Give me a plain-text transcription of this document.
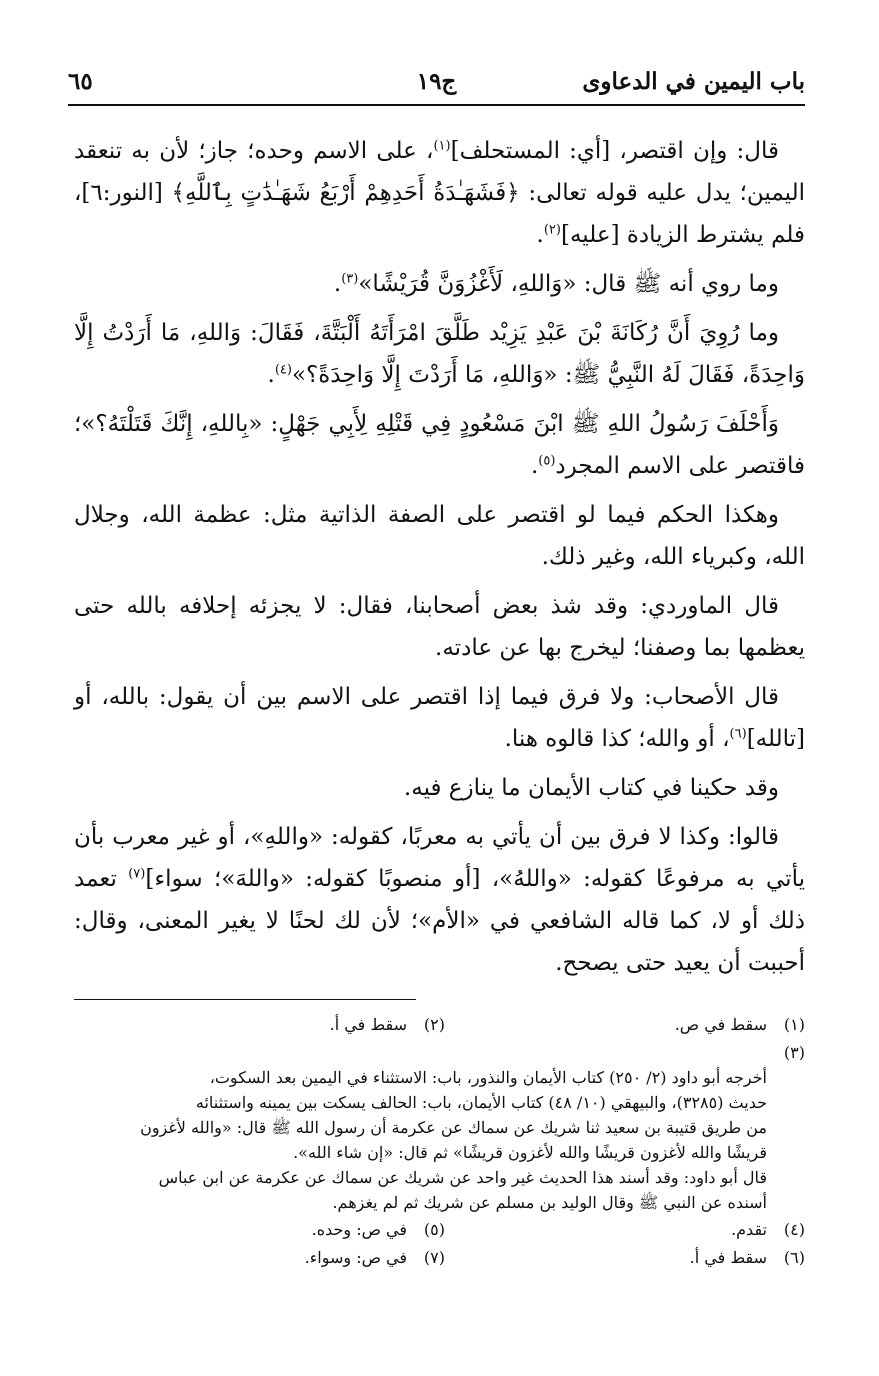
باب اليمين في الدعاوى
ج١٩
٦٥

قال: وإن اقتصر، [أي: المستحلف]$^{(١)}$، على الاسم وحده؛ جاز؛ لأن به تنعقد اليمين؛ يدل عليه قوله تعالى: ﴿فَشَهَـٰدَةُ أَحَدِهِمْ أَرْبَعُ شَهَـٰدَٰتٍ بِٱللَّهِ﴾ [النور:٦]، فلم يشترط الزيادة [عليه]$^{(٢)}$.

وما روي أنه ﷺ قال: «وَاللهِ، لَأَغْزُوَنَّ قُرَيْشًا»$^{(٣)}$.

وما رُوِيَ أَنَّ رُكَانَةَ بْنَ عَبْدِ يَزِيْد طَلَّقَ امْرَأَتَهُ أَلْبَتَّةَ، فَقَالَ: وَاللهِ، مَا أَرَدْتُ إِلَّا وَاحِدَةً، فَقَالَ لَهُ النَّبِيُّ ﷺ: «وَاللهِ، مَا أَرَدْتَ إِلَّا وَاحِدَةً؟»$^{(٤)}$.

وَأَحْلَفَ رَسُولُ اللهِ ﷺ ابْنَ مَسْعُودٍ فِي قَتْلِهِ لِأَبِي جَهْلٍ: «بِاللهِ، إِنَّكَ قَتَلْتَهُ؟»؛ فاقتصر على الاسم المجرد$^{(٥)}$.

وهكذا الحكم فيما لو اقتصر على الصفة الذاتية مثل: عظمة الله، وجلال الله، وكبرياء الله، وغير ذلك.

قال الماوردي: وقد شذ بعض أصحابنا، فقال: لا يجزئه إحلافه بالله حتى يعظمها بما وصفنا؛ ليخرج بها عن عادته.

قال الأصحاب: ولا فرق فيما إذا اقتصر على الاسم بين أن يقول: بالله، أو [تالله]$^{(٦)}$، أو والله؛ كذا قالوه هنا.

وقد حكينا في كتاب الأيمان ما ينازع فيه.

قالوا: وكذا لا فرق بين أن يأتي به معربًا، كقوله: «واللهِ»، أو غير معرب بأن يأتي به مرفوعًا كقوله: «واللهُ»، [أو منصوبًا كقوله: «واللهَ»؛ سواء]$^{(٧)}$ تعمد ذلك أو لا، كما قاله الشافعي في «الأم»؛ لأن لك لحنًا لا يغير المعنى، وقال: أحببت أن يعيد حتى يصحح.

(١)سقط في ص.(٢)سقط في أ.
(٣)
أخرجه أبو داود (٢/ ٢٥٠) كتاب الأيمان والنذور، باب: الاستثناء في اليمين بعد السكوت،
حديث (٣٢٨٥)، والبيهقي (١٠/ ٤٨) كتاب الأيمان، باب: الحالف يسكت بين يمينه واستثنائه
من طريق قتيبة بن سعيد ثنا شريك عن سماك عن عكرمة أن رسول الله ﷺ قال: «والله لأغزون
قريشًا والله لأغزون قريشًا والله لأغزون قريشًا» ثم قال: «إن شاء الله».
قال أبو داود: وقد أسند هذا الحديث غير واحد عن شريك عن سماك عن عكرمة عن ابن عباس
أسنده عن النبي ﷺ وقال الوليد بن مسلم عن شريك ثم لم يغزهم.
(٤)تقدم.(٥)في ص: وحده.
(٦)سقط في أ.(٧)في ص: وسواء.
